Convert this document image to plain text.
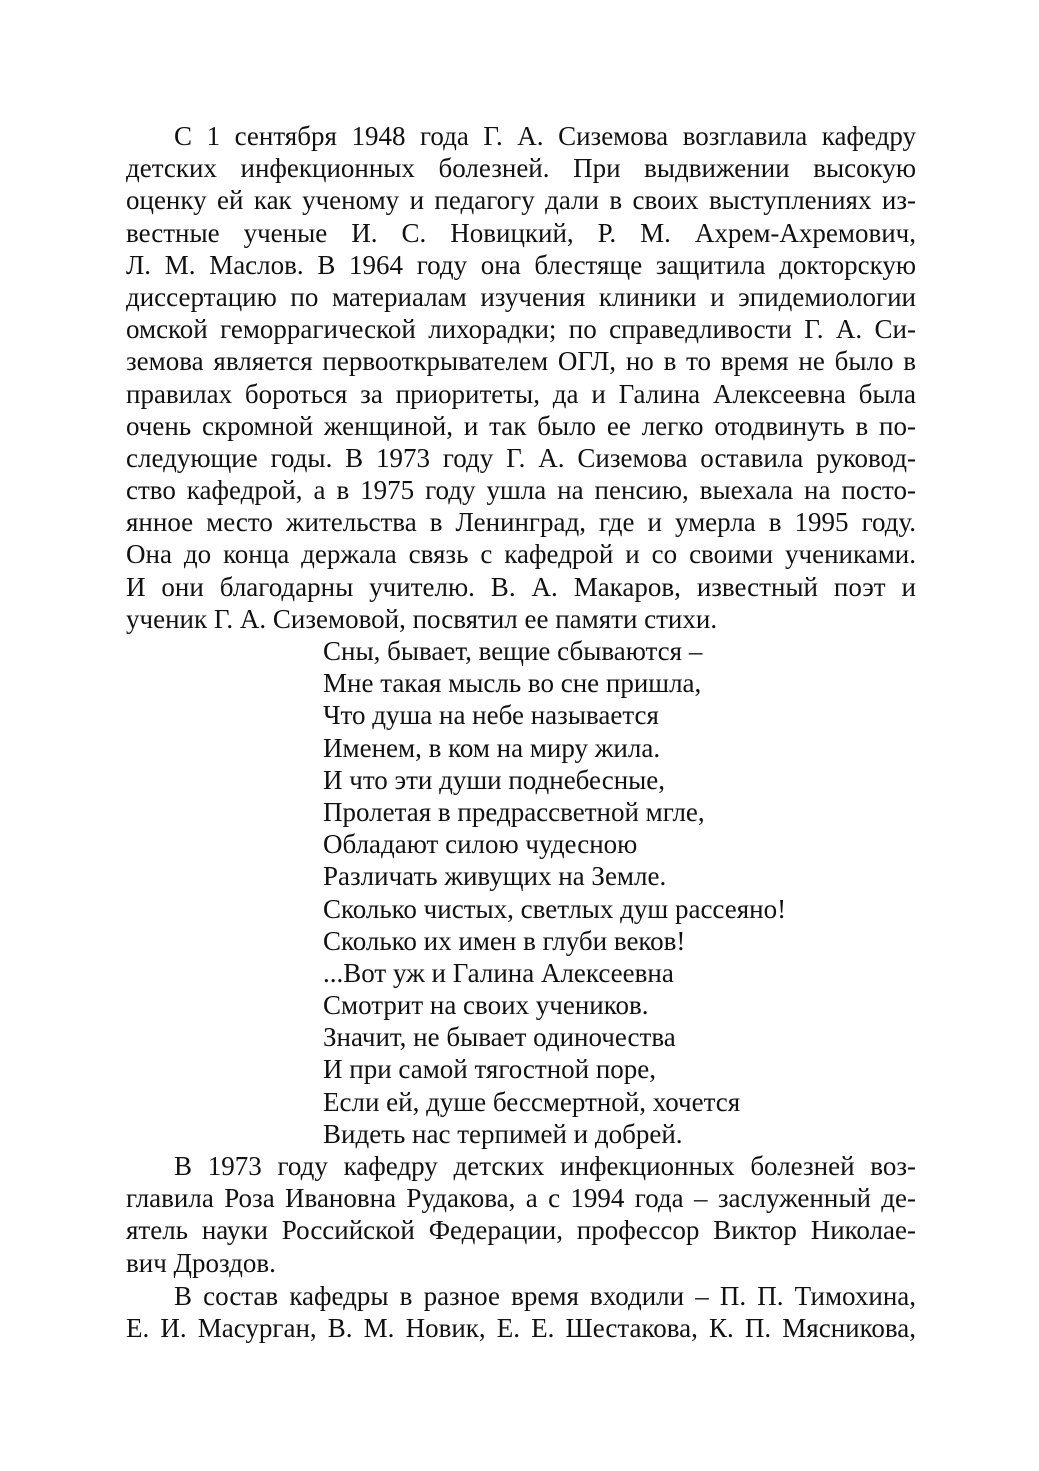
С 1 сентября 1948 года Г. А. Сиземова возглавила кафедру
детских инфекционных болезней. При выдвижении высокую
оценку ей как ученому и педагогу дали в своих выступлениях из-
вестные ученые И. С. Новицкий, Р. М. Ахрем-Ахремович,
Л. М. Маслов. В 1964 году она блестяще защитила докторскую
диссертацию по материалам изучения клиники и эпидемиологии
омской геморрагической лихорадки; по справедливости Г. А. Си-
земова является первооткрывателем ОГЛ, но в то время не было в
правилах бороться за приоритеты, да и Галина Алексеевна была
очень скромной женщиной, и так было ее легко отодвинуть в по-
следующие годы. В 1973 году Г. А. Сиземова оставила руковод-
ство кафедрой, а в 1975 году ушла на пенсию, выехала на посто-
янное место жительства в Ленинград, где и умерла в 1995 году.
Она до конца держала связь с кафедрой и со своими учениками.
И они благодарны учителю. В. А. Макаров, известный поэт и
ученик Г. А. Сиземовой, посвятил ее памяти стихи.
Сны, бывает, вещие сбываются –
Мне такая мысль во сне пришла,
Что душа на небе называется
Именем, в ком на миру жила.
И что эти души поднебесные,
Пролетая в предрассветной мгле,
Обладают силою чудесною
Различать живущих на Земле.
Сколько чистых, светлых душ рассеяно!
Сколько их имен в глуби веков!
...Вот уж и Галина Алексеевна
Смотрит на своих учеников.
Значит, не бывает одиночества
И при самой тягостной поре,
Если ей, душе бессмертной, хочется
Видеть нас терпимей и добрей.
В 1973 году кафедру детских инфекционных болезней воз-
главила Роза Ивановна Рудакова, а с 1994 года – заслуженный де-
ятель науки Российской Федерации, профессор Виктор Николае-
вич Дроздов.
В состав кафедры в разное время входили – П. П. Тимохина,
Е. И. Масурган, В. М. Новик, Е. Е. Шестакова, К. П. Мясникова,
